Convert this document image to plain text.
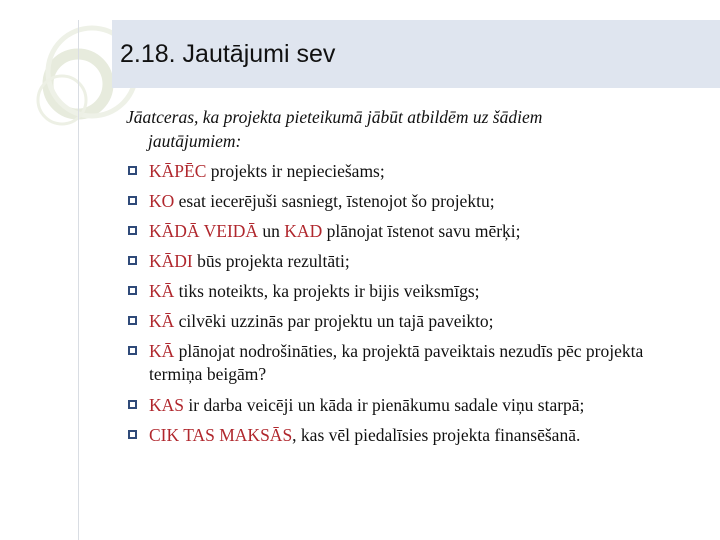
2.18. Jautājumi sev
Jāatceras, ka projekta pieteikumā jābūt atbildēm uz šādiem
jautājumiem:
KĀPĒC projekts ir nepieciešams;
KO esat iecerējuši sasniegt, īstenojot šo projektu;
KĀDĀ VEIDĀ un KAD plānojat īstenot savu mērķi;
KĀDI būs projekta rezultāti;
KĀ tiks noteikts, ka projekts ir bijis veiksmīgs;
KĀ cilvēki uzzinās par projektu un tajā paveikto;
KĀ plānojat nodrošināties, ka projektā paveiktais nezudīs pēc projekta termiņa beigām?
KAS ir darba veicēji un kāda ir pienākumu sadale viņu starpā;
CIK TAS MAKSĀS, kas vēl piedalīsies projekta finansēšanā.
